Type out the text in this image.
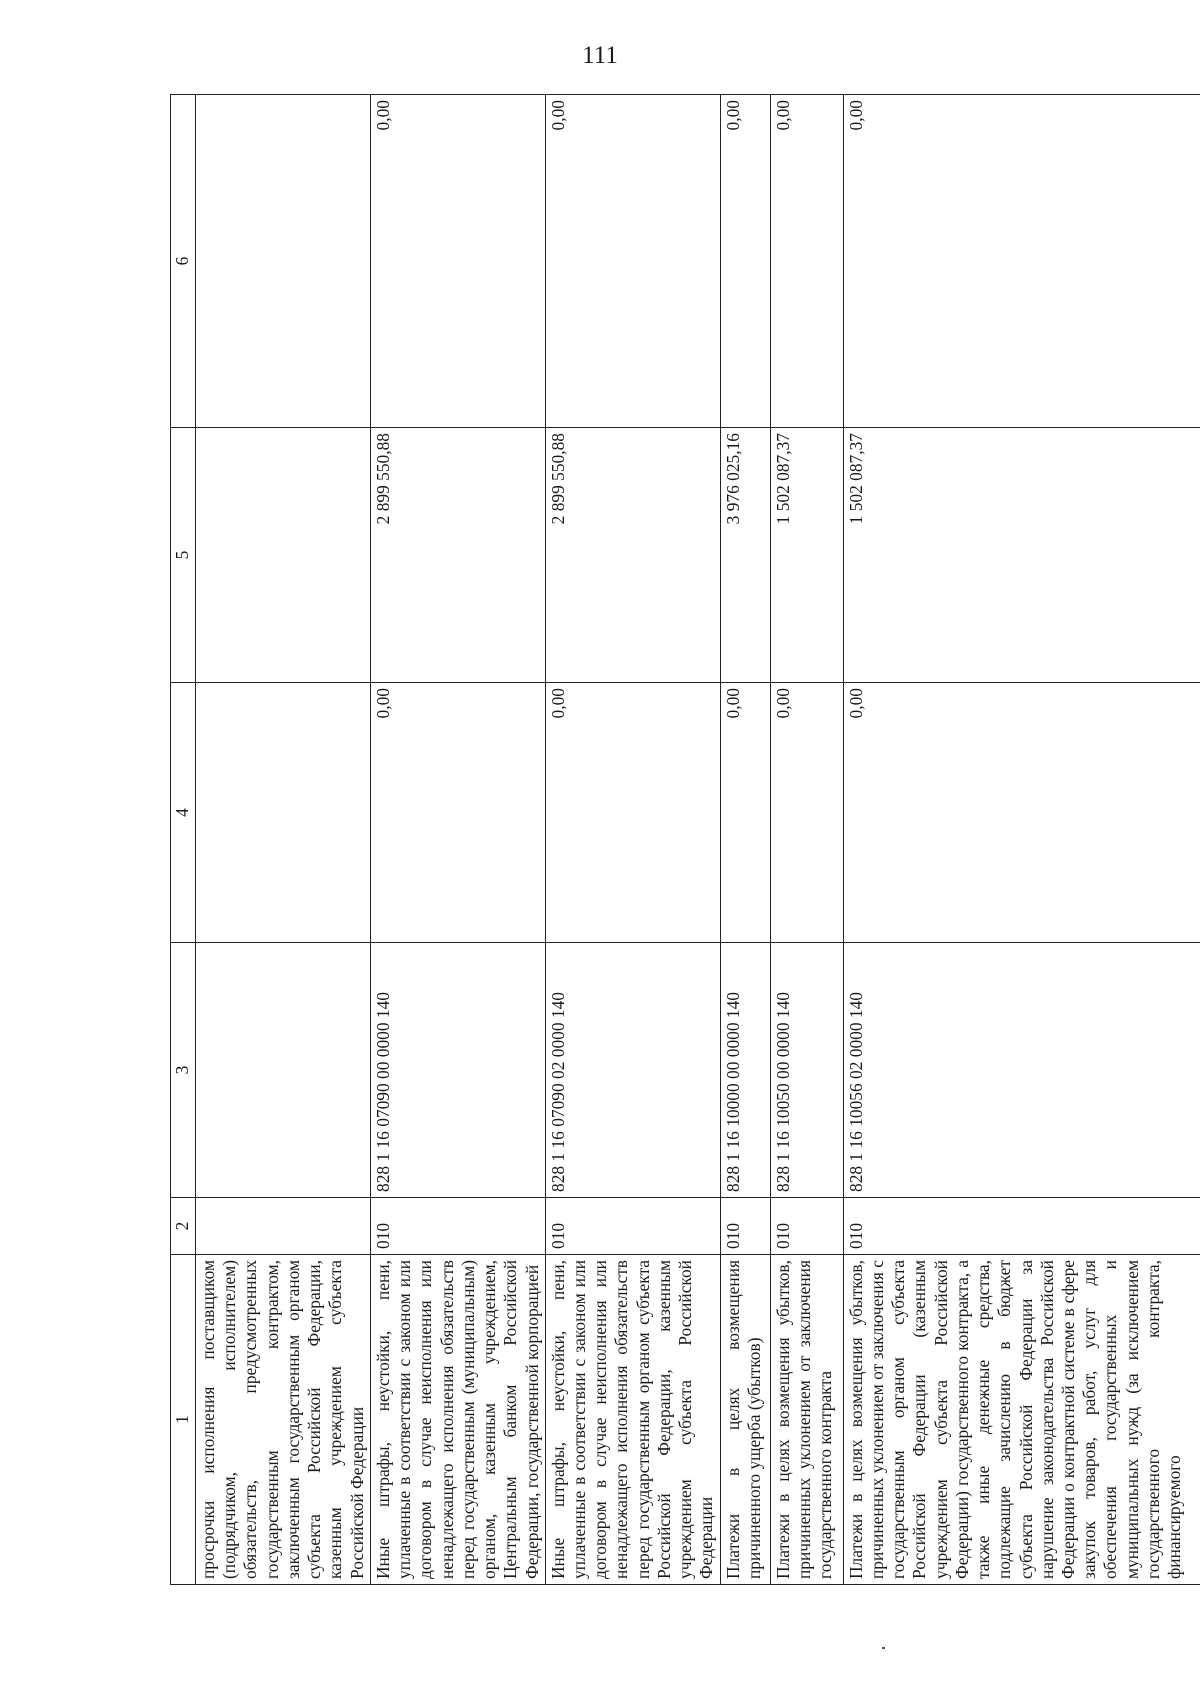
111
1	2	3	4	5	6
просрочки исполнения поставщиком (подрядчиком, исполнителем) обязательств, предусмотренных государственным контрактом, заключенным государственным органом субъекта Российской Федерации, казенным учреждением субъекта Российской Федерации					
Иные штрафы, неустойки, пени, уплаченные в соответствии с законом или договором в случае неисполнения или ненадлежащего исполнения обязательств перед государственным (муниципальным) органом, казенным учреждением, Центральным банком Российской Федерации, государственной корпорацией	010	828 1 16 07090 00 0000 140	0,00	2 899 550,88	0,00
Иные штрафы, неустойки, пени, уплаченные в соответствии с законом или договором в случае неисполнения или ненадлежащего исполнения обязательств перед государственным органом субъекта Российской Федерации, казенным учреждением субъекта Российской Федерации	010	828 1 16 07090 02 0000 140	0,00	2 899 550,88	0,00
Платежи в целях возмещения причиненного ущерба (убытков)	010	828 1 16 10000 00 0000 140	0,00	3 976 025,16	0,00
Платежи в целях возмещения убытков, причиненных уклонением от заключения государственного контракта	010	828 1 16 10050 00 0000 140	0,00	1 502 087,37	0,00
Платежи в целях возмещения убытков, причиненных уклонением от заключения с государственным органом субъекта Российской Федерации (казенным учреждением субъекта Российской Федерации) государственного контракта, а также иные денежные средства, подлежащие зачислению в бюджет субъекта Российской Федерации за нарушение законодательства Российской Федерации о контрактной системе в сфере закупок товаров, работ, услуг для обеспечения государственных и муниципальных нужд (за исключением государственного контракта, финансируемого	010	828 1 16 10056 02 0000 140	0,00	1 502 087,37	0,00
